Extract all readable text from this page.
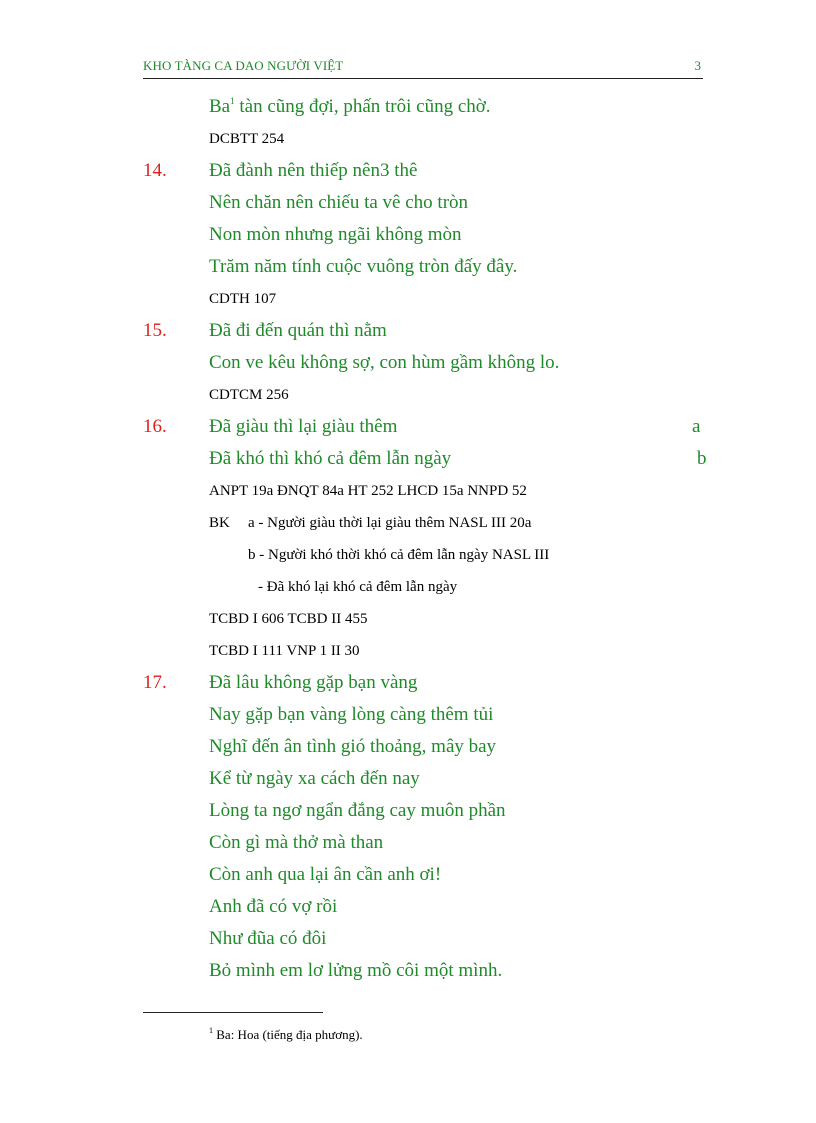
KHO TÀNG CA DAO NGƯỜI VIỆT	3
Ba$^1$ tàn cũng đợi, phấn trôi cũng chờ.
DCBTT 254
14. Đã đành nên thiếp nên3 thê
Nên chăn nên chiếu ta vê cho tròn
Non mòn nhưng ngãi không mòn
Trăm năm tính cuộc vuông tròn đấy đây.
CDTH 107
15. Đã đi đến quán thì nằm
Con ve kêu không sợ, con hùm gầm không lo.
CDTCM 256
16. Đã giàu thì lại giàu thêm	a
Đã khó thì khó cả đêm lẫn ngày	b
ANPT 19a ĐNQT 84a HT 252 LHCD 15a NNPD 52
BK a - Người giàu thời lại giàu thêm NASL III 20a
b - Người khó thời khó cả đêm lẫn ngày NASL III
- Đã khó lại khó cả đêm lẫn ngày
TCBD I 606 TCBD II 455
TCBD I 111 VNP 1 II 30
17. Đã lâu không gặp bạn vàng
Nay gặp bạn vàng lòng càng thêm tủi
Nghĩ đến ân tình gió thoảng, mây bay
Kể từ ngày xa cách đến nay
Lòng ta ngơ ngẩn đắng cay muôn phần
Còn gì mà thở mà than
Còn anh qua lại ân cần anh ơi!
Anh đã có vợ rồi
Như đũa có đôi
Bỏ mình em lơ lửng mồ côi một mình.
$^1$ Ba: Hoa (tiếng địa phương).
